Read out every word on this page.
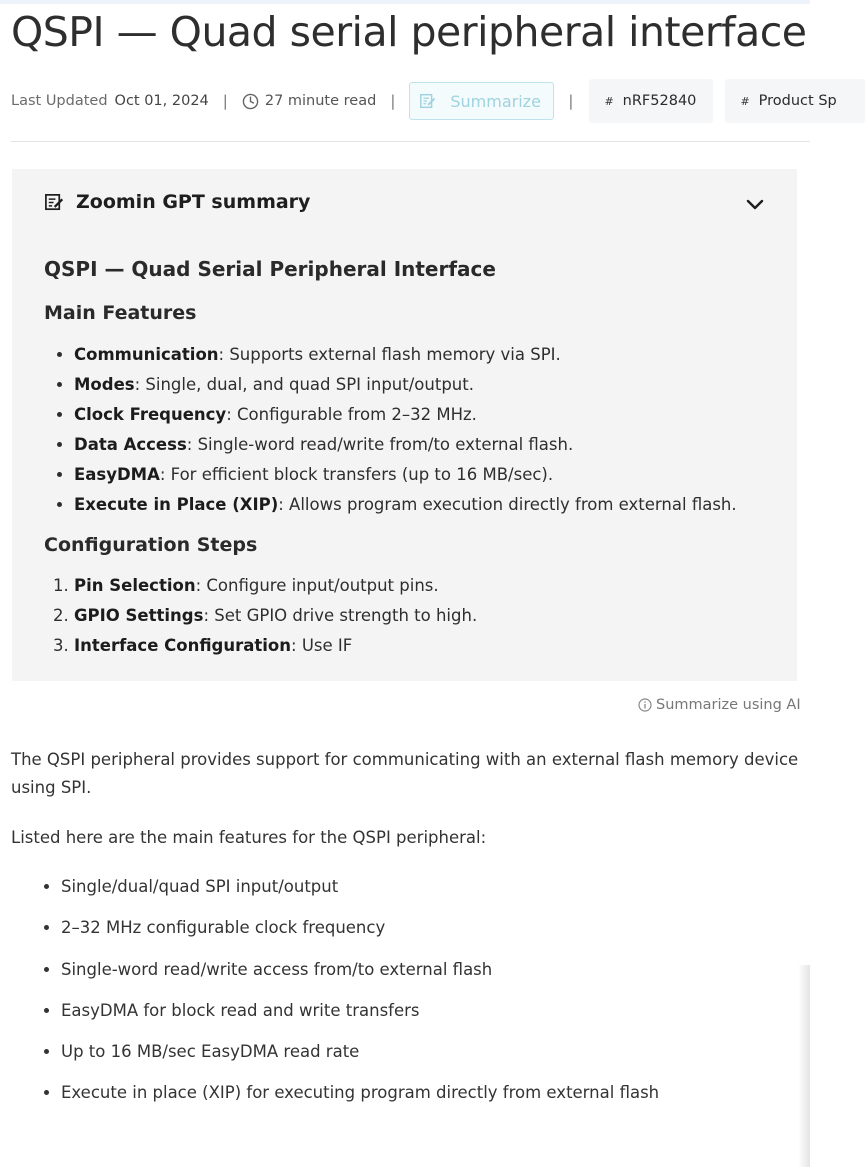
QSPI — Quad serial peripheral interface
Last Updated Oct 01, 2024 |	27 minute read |	Summarize |	# nRF52840	# Product Sp
Zoomin GPT summary
QSPI — Quad Serial Peripheral Interface
Main Features
• Communication: Supports external flash memory via SPI.
• Modes: Single, dual, and quad SPI input/output.
• Clock Frequency: Configurable from 2–32 MHz.
• Data Access: Single-word read/write from/to external flash.
• EasyDMA: For efficient block transfers (up to 16 MB/sec).
• Execute in Place (XIP): Allows program execution directly from external flash.
Configuration Steps
1. Pin Selection: Configure input/output pins.
2. GPIO Settings: Set GPIO drive strength to high.
3. Interface Configuration: Use IF
Summarize using AI

The QSPI peripheral provides support for communicating with an external flash memory device using SPI.

Listed here are the main features for the QSPI peripheral:

• Single/dual/quad SPI input/output
• 2–32 MHz configurable clock frequency
• Single-word read/write access from/to external flash
• EasyDMA for block read and write transfers
• Up to 16 MB/sec EasyDMA read rate
• Execute in place (XIP) for executing program directly from external flash
